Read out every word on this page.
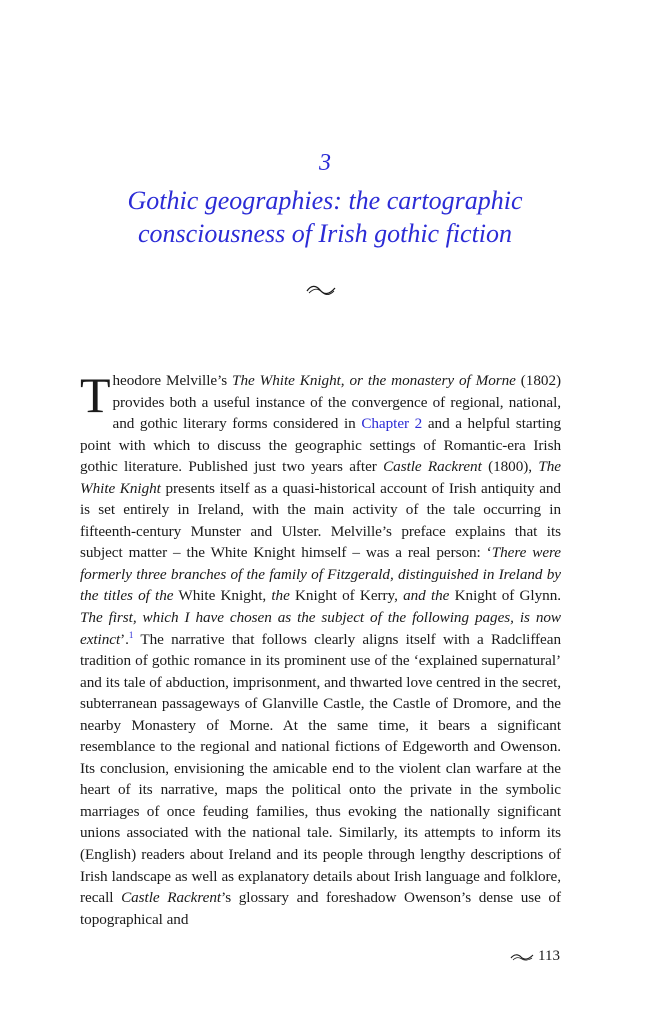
3
Gothic geographies: the cartographic consciousness of Irish gothic fiction

Theodore Melville’s The White Knight, or the monastery of Morne (1802) provides both a useful instance of the convergence of regional, national, and gothic literary forms considered in Chapter 2 and a helpful starting point with which to discuss the geographic settings of Romantic-era Irish gothic literature. Published just two years after Castle Rackrent (1800), The White Knight presents itself as a quasi-historical account of Irish antiquity and is set entirely in Ireland, with the main activity of the tale occurring in fifteenth-century Munster and Ulster. Melville’s preface explains that its subject matter – the White Knight himself – was a real person: ‘There were formerly three branches of the family of Fitzgerald, distinguished in Ireland by the titles of the White Knight, the Knight of Kerry, and the Knight of Glynn. The first, which I have chosen as the subject of the following pages, is now extinct’.$^1$ The narrative that follows clearly aligns itself with a Radcliffean tradition of gothic romance in its prominent use of the ‘explained supernatural’ and its tale of abduction, imprisonment, and thwarted love centred in the secret, subterranean passageways of Glanville Castle, the Castle of Dromore, and the nearby Monastery of Morne. At the same time, it bears a significant resemblance to the regional and national fictions of Edgeworth and Owenson. Its conclusion, envisioning the amicable end to the violent clan warfare at the heart of its narrative, maps the political onto the private in the symbolic marriages of once feuding families, thus evoking the nationally significant unions associated with the national tale. Similarly, its attempts to inform its (English) readers about Ireland and its people through lengthy descriptions of Irish landscape as well as explanatory details about Irish language and folklore, recall Castle Rackrent’s glossary and foreshadow Owenson’s dense use of topographical and

113
